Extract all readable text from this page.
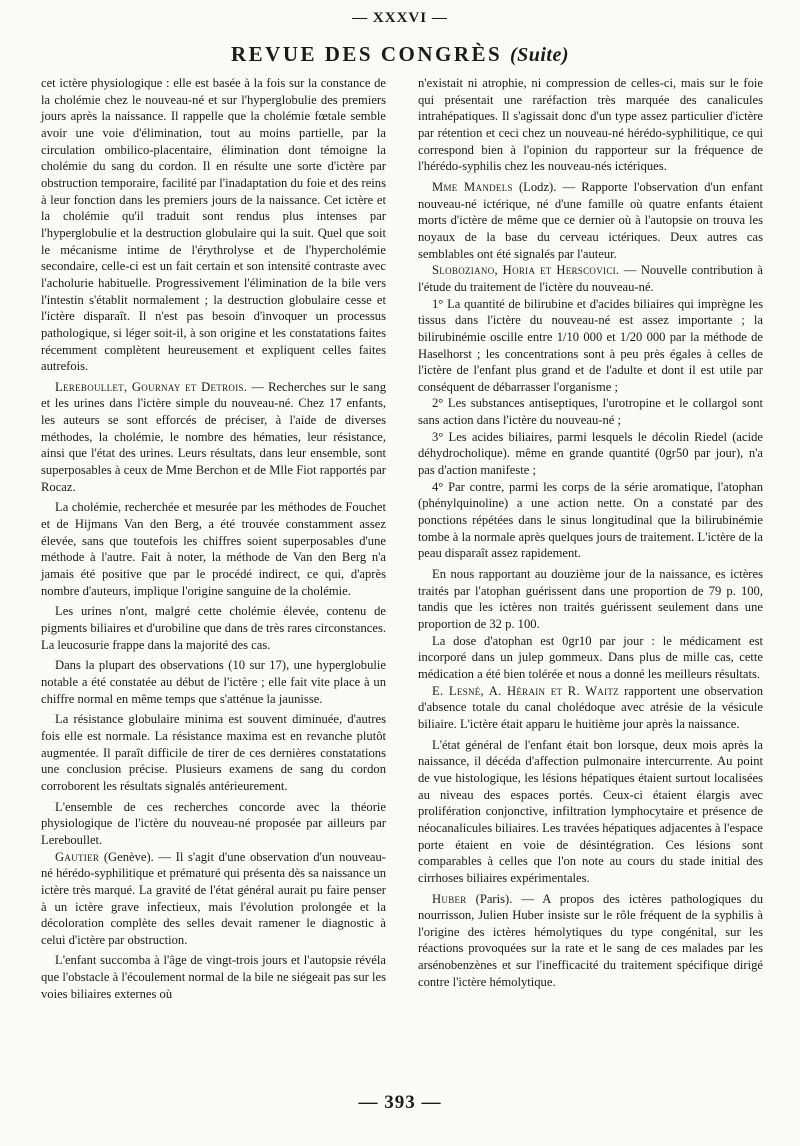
— XXXVI —
REVUE DES CONGRÈS (Suite)

cet ictère physiologique : elle est basée à la fois sur la constance de la cholémie chez le nouveau-né et sur l'hyperglobulie des premiers jours après la naissance. Il rappelle que la cholémie fœtale semble avoir une voie d'élimination, tout au moins partielle, par la circulation ombilico-placentaire, élimination dont témoigne la cholémie du sang du cordon. Il en résulte une sorte d'ictère par obstruction temporaire, facilité par l'inadaptation du foie et des reins à leur fonction dans les premiers jours de la naissance. Cet ictère et la cholémie qu'il traduit sont rendus plus intenses par l'hyperglobulie et la destruction globulaire qui la suit. Quel que soit le mécanisme intime de l'érythrolyse et de l'hypercholémie secondaire, celle-ci est un fait certain et son intensité contraste avec l'acholurie habituelle. Progressivement l'élimination de la bile vers l'intestin s'établit normalement ; la destruction globulaire cesse et l'ictère disparaît. Il n'est pas besoin d'invoquer un processus pathologique, si léger soit-il, à son origine et les constatations faites récemment complètent heureusement et expliquent celles faites autrefois.

Lereboullet, Gournay et Detrois. — Recherches sur le sang et les urines dans l'ictère simple du nouveau-né. Chez 17 enfants, les auteurs se sont efforcés de préciser, à l'aide de diverses méthodes, la cholémie, le nombre des hématies, leur résistance, ainsi que l'état des urines. Leurs résultats, dans leur ensemble, sont superposables à ceux de Mme Berchon et de Mlle Fiot rapportés par Rocaz.

La cholémie, recherchée et mesurée par les méthodes de Fouchet et de Hijmans Van den Berg, a été trouvée constamment assez élevée, sans que toutefois les chiffres soient superposables d'une méthode à l'autre. Fait à noter, la méthode de Van den Berg n'a jamais été positive que par le procédé indirect, ce qui, d'après nombre d'auteurs, implique l'origine sanguine de la cholémie.

Les urines n'ont, malgré cette cholémie élevée, contenu de pigments biliaires et d'urobiline que dans de très rares circonstances. La leucosurie frappe dans la majorité des cas.

Dans la plupart des observations (10 sur 17), une hyperglobulie notable a été constatée au début de l'ictère ; elle fait vite place à un chiffre normal en même temps que s'atténue la jaunisse.

La résistance globulaire minima est souvent diminuée, d'autres fois elle est normale. La résistance maxima est en revanche plutôt augmentée. Il paraît difficile de tirer de ces dernières constatations une conclusion précise. Plusieurs examens de sang du cordon corroborent les résultats signalés antérieurement.

L'ensemble de ces recherches concorde avec la théorie physiologique de l'ictère du nouveau-né proposée par ailleurs par Lereboullet.

Gautier (Genève). — Il s'agit d'une observation d'un nouveau-né hérédo-syphilitique et prématuré qui présenta dès sa naissance un ictère très marqué. La gravité de l'état général aurait pu faire penser à un ictère grave infectieux, mais l'évolution prolongée et la décoloration complète des selles devait ramener le diagnostic à celui d'ictère par obstruction.

L'enfant succomba à l'âge de vingt-trois jours et l'autopsie révéla que l'obstacle à l'écoulement normal de la bile ne siégeait pas sur les voies biliaires externes où

n'existait ni atrophie, ni compression de celles-ci, mais sur le foie qui présentait une raréfaction très marquée des canalicules intrahépatiques. Il s'agissait donc d'un type assez particulier d'ictère par rétention et ceci chez un nouveau-né hérédo-syphilitique, ce qui correspond bien à l'opinion du rapporteur sur la fréquence de l'hérédo-syphilis chez les nouveau-nés ictériques.

Mme Mandels (Lodz). — Rapporte l'observation d'un enfant nouveau-né ictérique, né d'une famille où quatre enfants étaient morts d'ictère de même que ce dernier où à l'autopsie on trouva les noyaux de la base du cerveau ictériques. Deux autres cas semblables ont été signalés par l'auteur.

Sloboziano, Horia et Herscovici. — Nouvelle contribution à l'étude du traitement de l'ictère du nouveau-né.

1° La quantité de bilirubine et d'acides biliaires qui imprègne les tissus dans l'ictère du nouveau-né est assez importante ; la bilirubinémie oscille entre 1/10 000 et 1/20 000 par la méthode de Haselhorst ; les concentrations sont à peu près égales à celles de l'ictère de l'enfant plus grand et de l'adulte et dont il est utile par conséquent de débarrasser l'organisme ;

2° Les substances antiseptiques, l'urotropine et le collargol sont sans action dans l'ictère du nouveau-né ;

3° Les acides biliaires, parmi lesquels le décolin Riedel (acide déhydrocholique). même en grande quantité (0gr50 par jour), n'a pas d'action manifeste ;

4° Par contre, parmi les corps de la série aromatique, l'atophan (phénylquinoline) a une action nette. On a constaté par des ponctions répétées dans le sinus longitudinal que la bilirubinémie tombe à la normale après quelques jours de traitement. L'ictère de la peau disparaît assez rapidement.

En nous rapportant au douzième jour de la naissance, es ictères traités par l'atophan guérissent dans une proportion de 79 p. 100, tandis que les ictères non traités guérissent seulement dans une proportion de 32 p. 100.

La dose d'atophan est 0gr10 par jour : le médicament est incorporé dans un julep gommeux. Dans plus de mille cas, cette médication a été bien tolérée et nous a donné les meilleurs résultats.

E. Lesné, A. Hérain et R. Waitz rapportent une observation d'absence totale du canal cholédoque avec atrésie de la vésicule biliaire. L'ictère était apparu le huitième jour après la naissance.

L'état général de l'enfant était bon lorsque, deux mois après la naissance, il décéda d'affection pulmonaire intercurrente. Au point de vue histologique, les lésions hépatiques étaient surtout localisées au niveau des espaces portés. Ceux-ci étaient élargis avec prolifération conjonctive, infiltration lymphocytaire et présence de néocanalicules biliaires. Les travées hépatiques adjacentes à l'espace porte étaient en voie de désintégration. Ces lésions sont comparables à celles que l'on note au cours du stade initial des cirrhoses biliaires expérimentales.

Huber (Paris). — A propos des ictères pathologiques du nourrisson, Julien Huber insiste sur le rôle fréquent de la syphilis à l'origine des ictères hémolytiques du type congénital, sur les réactions provoquées sur la rate et le sang de ces malades par les arsénobenzènes et sur l'inefficacité du traitement spécifique dirigé contre l'ictère hémolytique.

— 393 —
